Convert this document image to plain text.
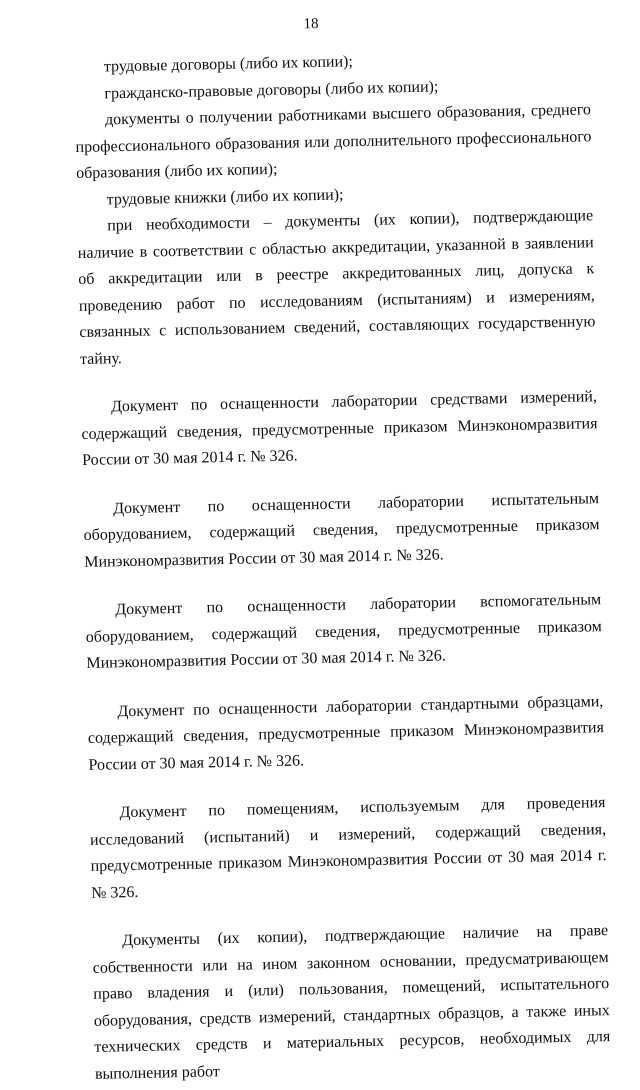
18

трудовые договоры (либо их копии);

гражданско-правовые договоры (либо их копии);

документы о получении работниками высшего образования, среднего профессионального образования или дополнительного профессионального образования (либо их копии);

трудовые книжки (либо их копии);

при необходимости – документы (их копии), подтверждающие наличие в соответствии с областью аккредитации, указанной в заявлении об аккредитации или в реестре аккредитованных лиц, допуска к проведению работ по исследованиям (испытаниям) и измерениям, связанных с использованием сведений, составляющих государственную тайну.

Документ по оснащенности лаборатории средствами измерений, содержащий сведения, предусмотренные приказом Минэкономразвития России от 30 мая 2014 г. № 326.

Документ по оснащенности лаборатории испытательным оборудованием, содержащий сведения, предусмотренные приказом Минэкономразвития России от 30 мая 2014 г. № 326.

Документ по оснащенности лаборатории вспомогательным оборудованием, содержащий сведения, предусмотренные приказом Минэкономразвития России от 30 мая 2014 г. № 326.

Документ по оснащенности лаборатории стандартными образцами, содержащий сведения, предусмотренные приказом Минэкономразвития России от 30 мая 2014 г. № 326.

Документ по помещениям, используемым для проведения исследований (испытаний) и измерений, содержащий сведения, предусмотренные приказом Минэкономразвития России от 30 мая 2014 г. № 326.

Документы (их копии), подтверждающие наличие на праве собственности или на ином законном основании, предусматривающем право владения и (или) пользования, помещений, испытательного оборудования, средств измерений, стандартных образцов, а также иных технических средств и материальных ресурсов, необходимых для выполнения работ
